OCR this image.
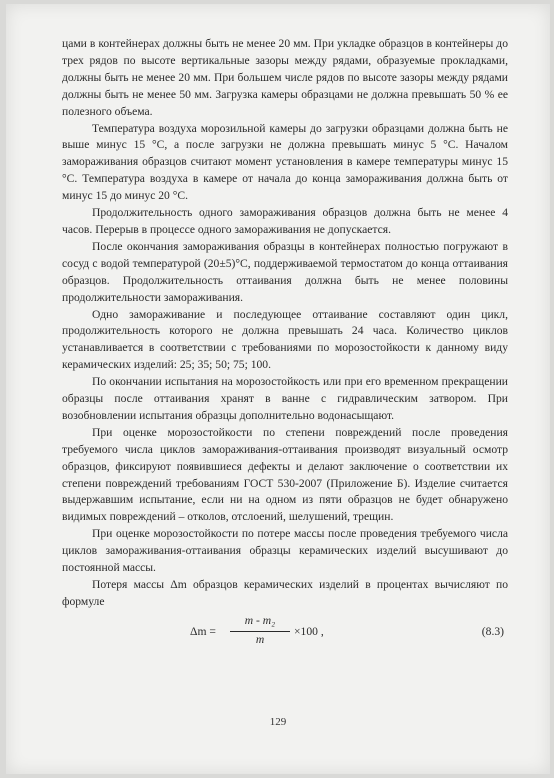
цами в контейнерах должны быть не менее 20 мм. При укладке образцов в контейнеры до трех рядов по высоте вертикальные зазоры между рядами, образуемые прокладками, должны быть не менее 20 мм. При большем числе рядов по высоте зазоры между рядами должны быть не менее 50 мм. Загрузка камеры образцами не должна превышать 50 % ее полезного объема.

Температура воздуха морозильной камеры до загрузки образцами должна быть не выше минус 15 °С, а после загрузки не должна превышать минус 5 °С. Началом замораживания образцов считают момент установления в камере температуры минус 15 °С. Температура воздуха в камере от начала до конца замораживания должна быть от минус 15 до минус 20 °С.

Продолжительность одного замораживания образцов должна быть не менее 4 часов. Перерыв в процессе одного замораживания не допускается.

После окончания замораживания образцы в контейнерах полностью погружают в сосуд с водой температурой (20±5)°С, поддерживаемой термостатом до конца оттаивания образцов. Продолжительность оттаивания должна быть не менее половины продолжительности замораживания.

Одно замораживание и последующее оттаивание составляют один цикл, продолжительность которого не должна превышать 24 часа. Количество циклов устанавливается в соответствии с требованиями по морозостойкости к данному виду керамических изделий: 25; 35; 50; 75; 100.

По окончании испытания на морозостойкость или при его временном прекращении образцы после оттаивания хранят в ванне с гидравлическим затвором. При возобновлении испытания образцы дополнительно водонасыщают.

При оценке морозостойкости по степени повреждений после проведения требуемого числа циклов замораживания-оттаивания производят визуальный осмотр образцов, фиксируют появившиеся дефекты и делают заключение о соответствии их степени повреждений требованиям ГОСТ 530-2007 (Приложение Б). Изделие считается выдержавшим испытание, если ни на одном из пяти образцов не будет обнаружено видимых повреждений – отколов, отслоений, шелушений, трещин.

При оценке морозостойкости по потере массы после проведения требуемого числа циклов замораживания-оттаивания образцы керамических изделий высушивают до постоянной массы.

Потеря массы Δm образцов керамических изделий в процентах вычисляют по формуле

$\Delta m = \frac{\text{m - m₂}}{m} \times 100$ ,	(8.3)
129
